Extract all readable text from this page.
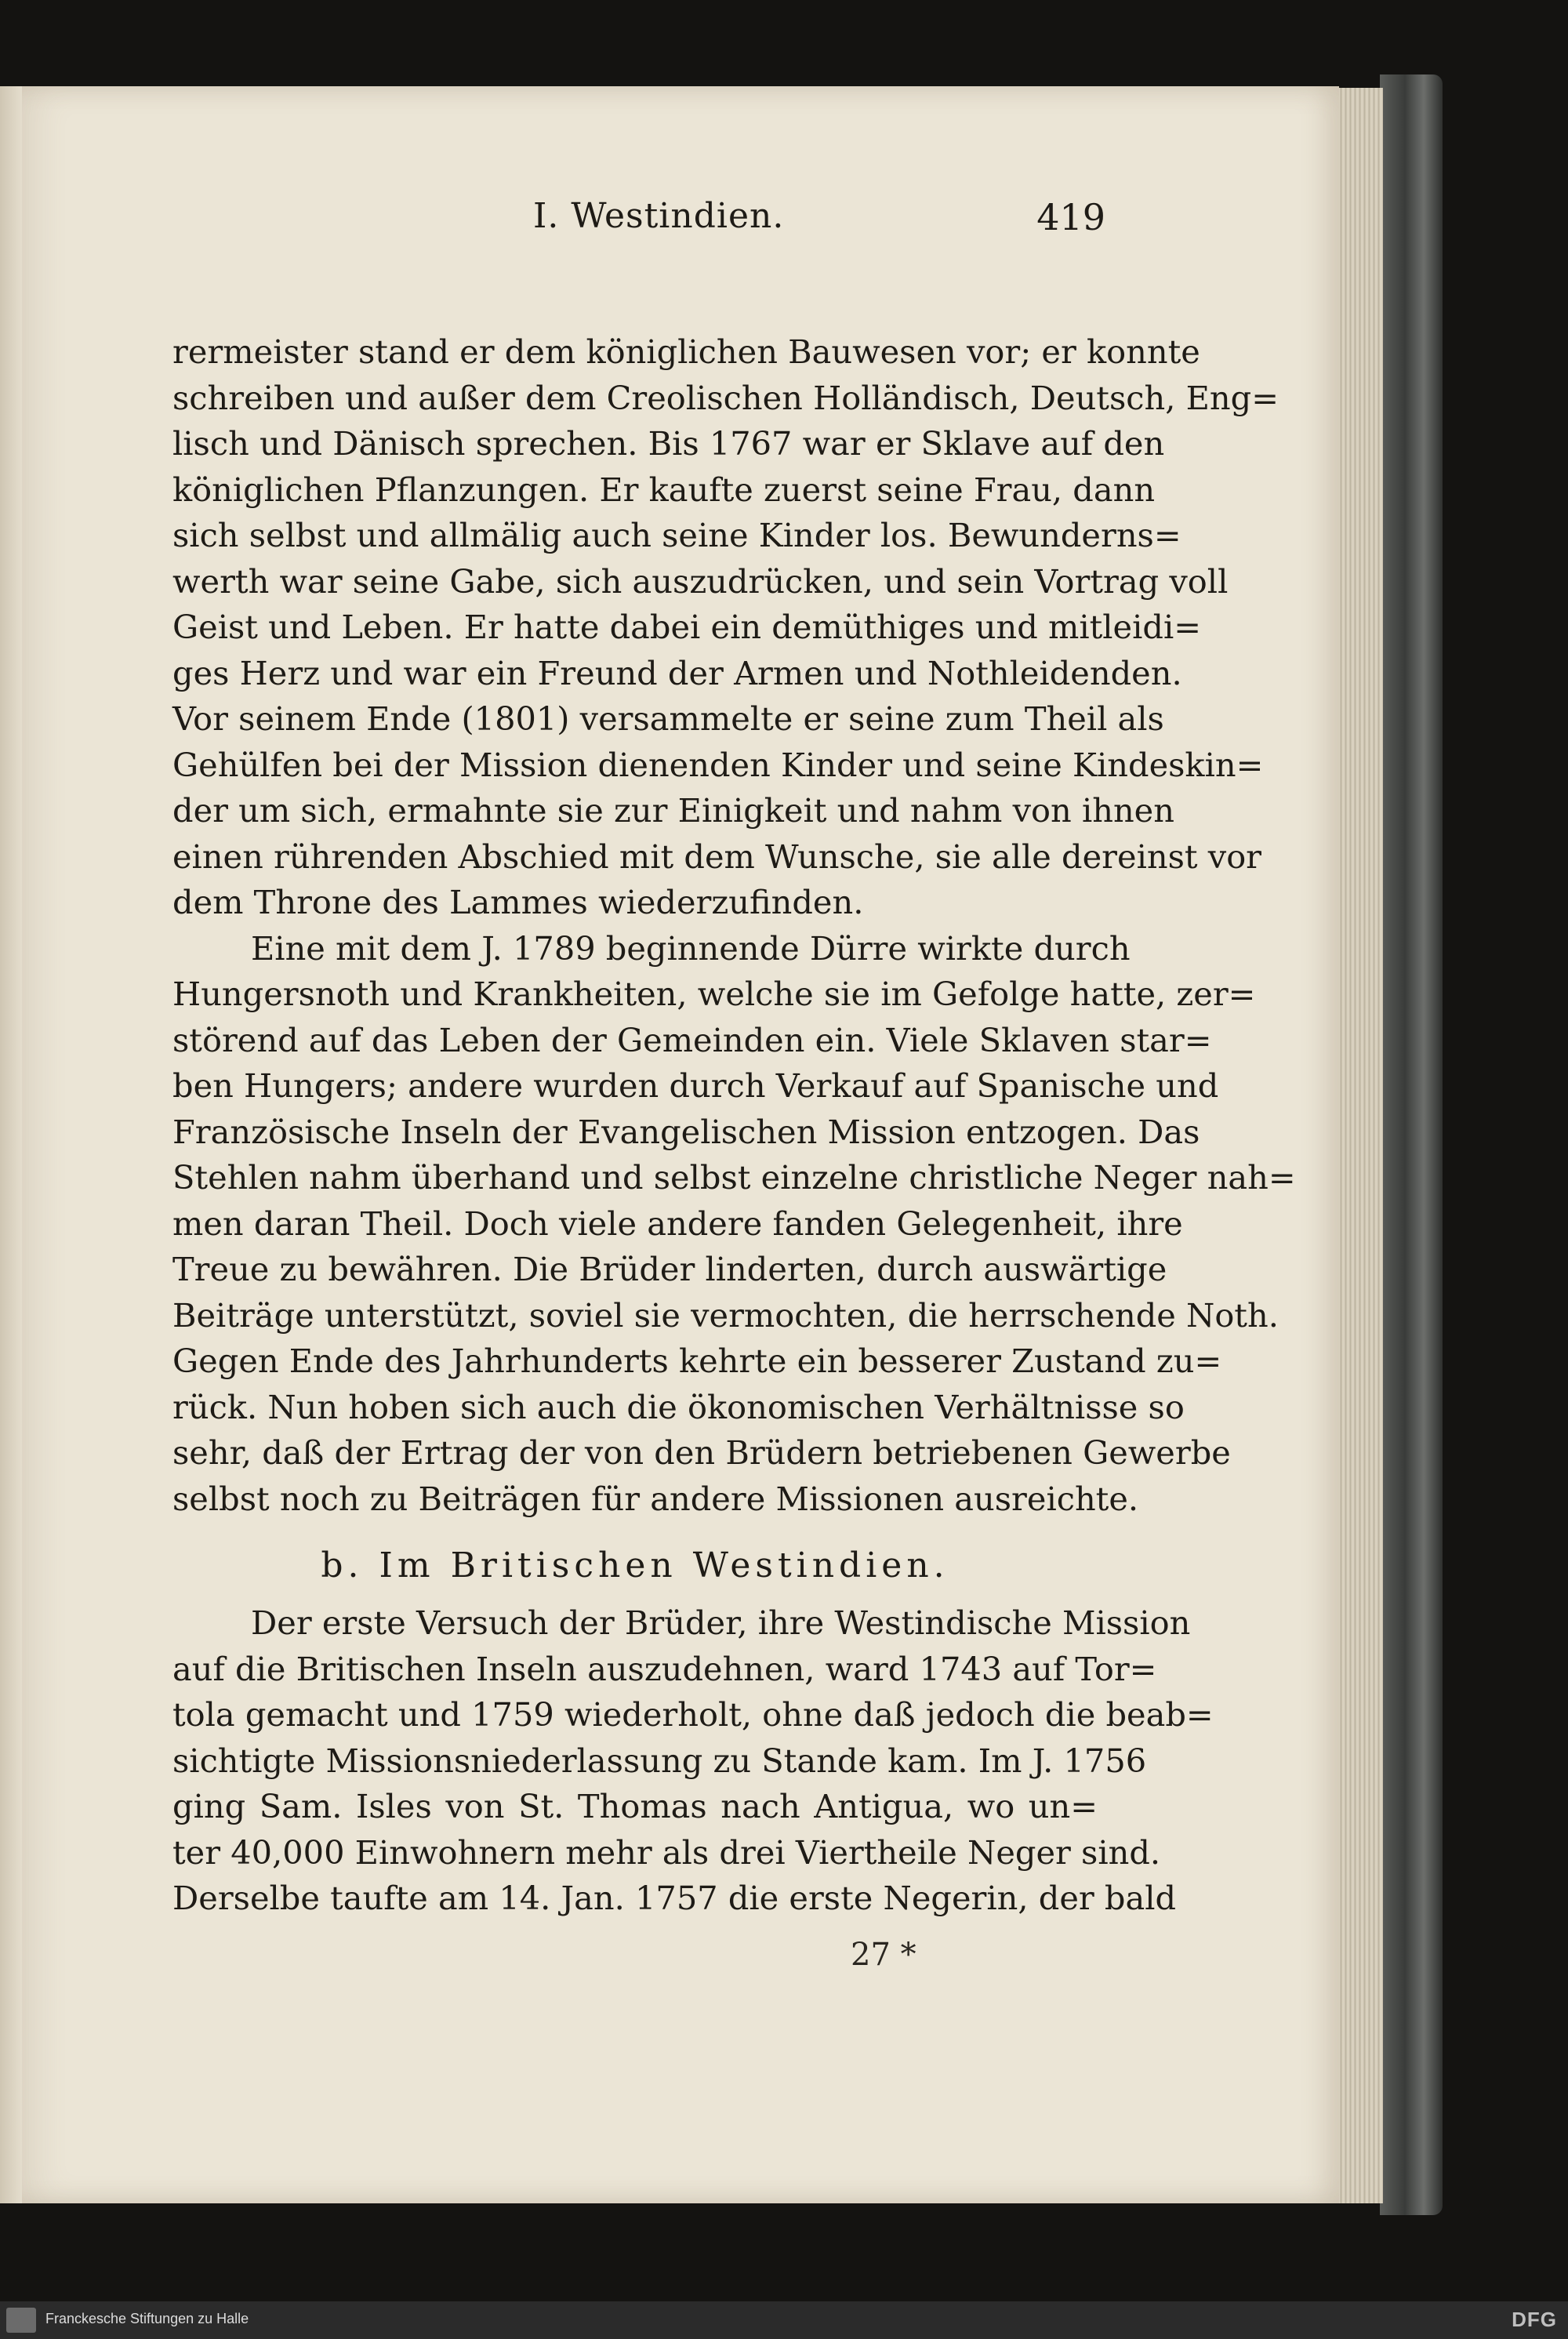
I. Westindien.	419
rermeister stand er dem königlichen Bauwesen vor; er konnte
schreiben und außer dem Creolischen Holländisch, Deutsch, Eng=
lisch und Dänisch sprechen. Bis 1767 war er Sklave auf den
königlichen Pflanzungen. Er kaufte zuerst seine Frau, dann
sich selbst und allmälig auch seine Kinder los. Bewunderns=
werth war seine Gabe, sich auszudrücken, und sein Vortrag voll
Geist und Leben. Er hatte dabei ein demüthiges und mitleidi=
ges Herz und war ein Freund der Armen und Nothleidenden.
Vor seinem Ende (1801) versammelte er seine zum Theil als
Gehülfen bei der Mission dienenden Kinder und seine Kindeskin=
der um sich, ermahnte sie zur Einigkeit und nahm von ihnen
einen rührenden Abschied mit dem Wunsche, sie alle dereinst vor
dem Throne des Lammes wiederzufinden.
Eine mit dem J. 1789 beginnende Dürre wirkte durch
Hungersnoth und Krankheiten, welche sie im Gefolge hatte, zer=
störend auf das Leben der Gemeinden ein. Viele Sklaven star=
ben Hungers; andere wurden durch Verkauf auf Spanische und
Französische Inseln der Evangelischen Mission entzogen. Das
Stehlen nahm überhand und selbst einzelne christliche Neger nah=
men daran Theil. Doch viele andere fanden Gelegenheit, ihre
Treue zu bewähren. Die Brüder linderten, durch auswärtige
Beiträge unterstützt, soviel sie vermochten, die herrschende Noth.
Gegen Ende des Jahrhunderts kehrte ein besserer Zustand zu=
rück. Nun hoben sich auch die ökonomischen Verhältnisse so
sehr, daß der Ertrag der von den Brüdern betriebenen Gewerbe
selbst noch zu Beiträgen für andere Missionen ausreichte.
b. Im Britischen Westindien.
Der erste Versuch der Brüder, ihre Westindische Mission
auf die Britischen Inseln auszudehnen, ward 1743 auf Tor=
tola gemacht und 1759 wiederholt, ohne daß jedoch die beab=
sichtigte Missionsniederlassung zu Stande kam. Im J. 1756
ging Sam. Isles von St. Thomas nach Antigua, wo un=
ter 40,000 Einwohnern mehr als drei Viertheile Neger sind.
Derselbe taufte am 14. Jan. 1757 die erste Negerin, der bald
27 *
Franckesche Stiftungen zu Halle	DFG
